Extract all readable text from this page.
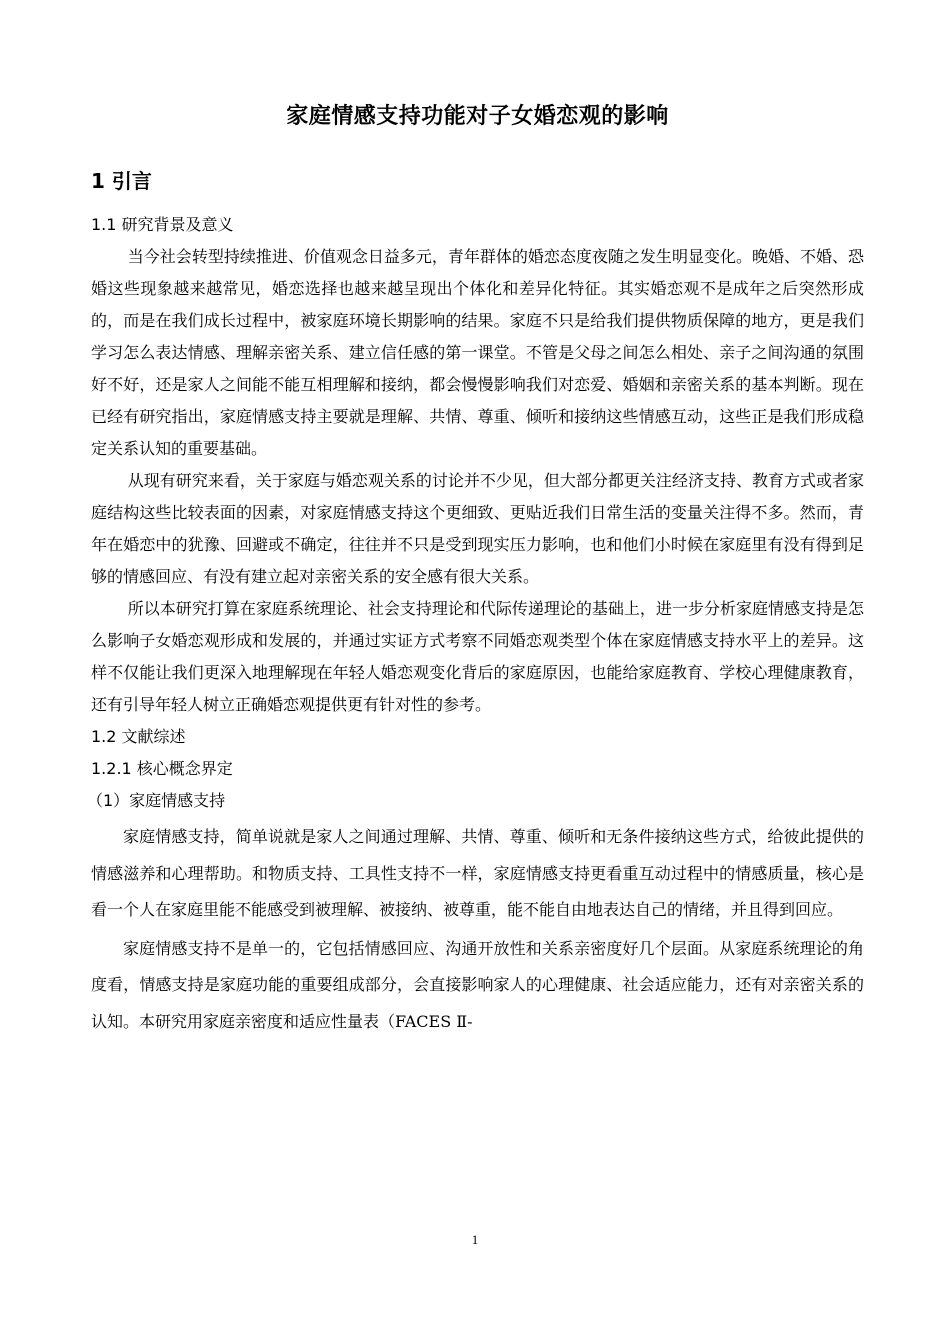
家庭情感支持功能对子女婚恋观的影响
1 引言
1.1 研究背景及意义

当今社会转型持续推进、价值观念日益多元，青年群体的婚恋态度夜随之发生明显变化。晚婚、不婚、恐婚这些现象越来越常见，婚恋选择也越来越呈现出个体化和差异化特征。其实婚恋观不是成年之后突然形成的，而是在我们成长过程中，被家庭环境长期影响的结果。家庭不只是给我们提供物质保障的地方，更是我们学习怎么表达情感、理解亲密关系、建立信任感的第一课堂。不管是父母之间怎么相处、亲子之间沟通的氛围好不好，还是家人之间能不能互相理解和接纳，都会慢慢影响我们对恋爱、婚姻和亲密关系的基本判断。现在已经有研究指出，家庭情感支持主要就是理解、共情、尊重、倾听和接纳这些情感互动，这些正是我们形成稳定关系认知的重要基础。

从现有研究来看，关于家庭与婚恋观关系的讨论并不少见，但大部分都更关注经济支持、教育方式或者家庭结构这些比较表面的因素，对家庭情感支持这个更细致、更贴近我们日常生活的变量关注得不多。然而，青年在婚恋中的犹豫、回避或不确定，往往并不只是受到现实压力影响，也和他们小时候在家庭里有没有得到足够的情感回应、有没有建立起对亲密关系的安全感有很大关系。

所以本研究打算在家庭系统理论、社会支持理论和代际传递理论的基础上，进一步分析家庭情感支持是怎么影响子女婚恋观形成和发展的，并通过实证方式考察不同婚恋观类型个体在家庭情感支持水平上的差异。这样不仅能让我们更深入地理解现在年轻人婚恋观变化背后的家庭原因，也能给家庭教育、学校心理健康教育，还有引导年轻人树立正确婚恋观提供更有针对性的参考。

1.2 文献综述
1.2.1 核心概念界定
（1）家庭情感支持

家庭情感支持，简单说就是家人之间通过理解、共情、尊重、倾听和无条件接纳这些方式，给彼此提供的情感滋养和心理帮助。和物质支持、工具性支持不一样，家庭情感支持更看重互动过程中的情感质量，核心是看一个人在家庭里能不能感受到被理解、被接纳、被尊重，能不能自由地表达自己的情绪，并且得到回应。

家庭情感支持不是单一的，它包括情感回应、沟通开放性和关系亲密度好几个层面。从家庭系统理论的角度看，情感支持是家庭功能的重要组成部分，会直接影响家人的心理健康、社会适应能力，还有对亲密关系的认知。本研究用家庭亲密度和适应性量表（FACES Ⅱ-

1
